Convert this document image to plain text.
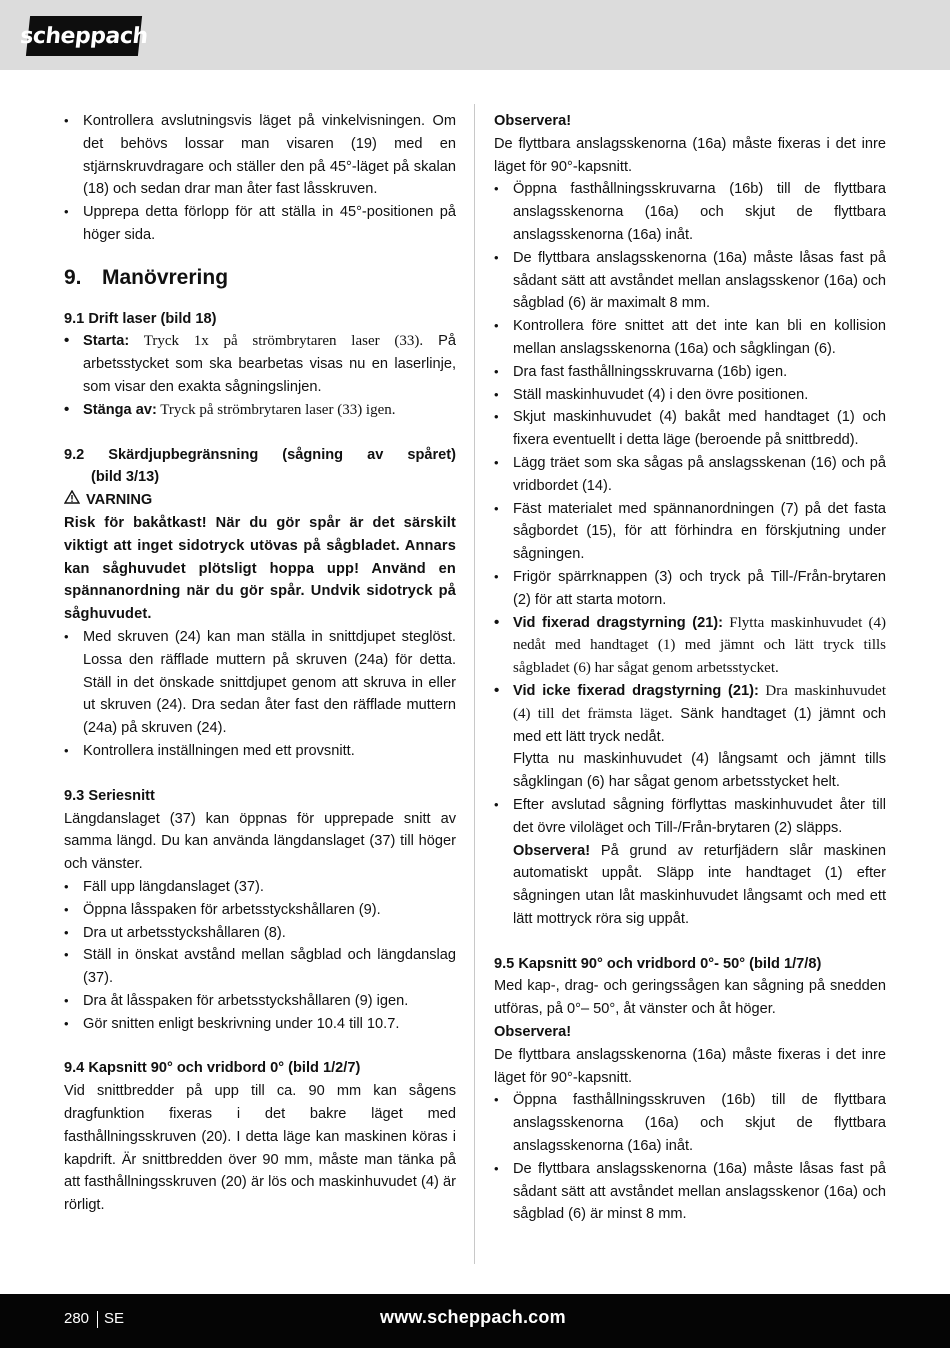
scheppach
• Kontrollera avslutningsvis läget på vinkelvisningen. Om det behövs lossar man visaren (19) med en stjärnskruvdragare och ställer den på 45°-läget på skalan (18) och sedan drar man åter fast låsskruven.
• Upprepa detta förlopp för att ställa in 45°-positionen på höger sida.
9. Manövrering
9.1 Drift laser (bild 18)
• Starta: Tryck 1x på strömbrytaren laser (33). På arbetsstycket som ska bearbetas visas nu en laserlinje, som visar den exakta sågningslinjen.
• Stänga av: Tryck på strömbrytaren laser (33) igen.
9.2 Skärdjupbegränsning (sågning av spåret)
(bild 3/13)
VARNING

Risk för bakåtkast! När du gör spår är det särskilt viktigt att inget sidotryck utövas på sågbladet. Annars kan såghuvudet plötsligt hoppa upp! Använd en spännanordning när du gör spår. Undvik sidotryck på såghuvudet.

• Med skruven (24) kan man ställa in snittdjupet steglöst. Lossa den räfflade muttern på skruven (24a) för detta. Ställ in det önskade snittdjupet genom att skruva in eller ut skruven (24). Dra sedan åter fast den räfflade muttern (24a) på skruven (24).
• Kontrollera inställningen med ett provsnitt.
9.3 Seriesnitt

Längdanslaget (37) kan öppnas för upprepade snitt av samma längd. Du kan använda längdanslaget (37) till höger och vänster.

• Fäll upp längdanslaget (37).
• Öppna låsspaken för arbetsstyckshållaren (9).
• Dra ut arbetsstyckshållaren (8).
• Ställ in önskat avstånd mellan sågblad och längdanslag (37).
• Dra åt låsspaken för arbetsstyckshållaren (9) igen.
• Gör snitten enligt beskrivning under 10.4 till 10.7.
9.4 Kapsnitt 90° och vridbord 0° (bild 1/2/7)

Vid snittbredder på upp till ca. 90 mm kan sågens dragfunktion fixeras i det bakre läget med fasthållningsskruven (20). I detta läge kan maskinen köras i kapdrift. Är snittbredden över 90 mm, måste man tänka på att fasthållningsskruven (20) är lös och maskinhuvudet (4) är rörligt.

Observera!

De flyttbara anslagsskenorna (16a) måste fixeras i det inre läget för 90°-kapsnitt.

• Öppna fasthållningsskruvarna (16b) till de flyttbara anslagsskenorna (16a) och skjut de flyttbara anslagsskenorna (16a) inåt.
• De flyttbara anslagsskenorna (16a) måste låsas fast på sådant sätt att avståndet mellan anslagsskenor (16a) och sågblad (6) är maximalt 8 mm.
• Kontrollera före snittet att det inte kan bli en kollision mellan anslagsskenorna (16a) och sågklingan (6).
• Dra fast fasthållningsskruvarna (16b) igen.
• Ställ maskinhuvudet (4) i den övre positionen.
• Skjut maskinhuvudet (4) bakåt med handtaget (1) och fixera eventuellt i detta läge (beroende på snittbredd).
• Lägg träet som ska sågas på anslagsskenan (16) och på vridbordet (14).
• Fäst materialet med spännanordningen (7) på det fasta sågbordet (15), för att förhindra en förskjutning under sågningen.
• Frigör spärrknappen (3) och tryck på Till-/Från-brytaren (2) för att starta motorn.
• Vid fixerad dragstyrning (21): Flytta maskinhuvudet (4) nedåt med handtaget (1) med jämnt och lätt tryck tills sågbladet (6) har sågat genom arbetsstycket.
• Vid icke fixerad dragstyrning (21): Dra maskinhuvudet (4) till det främsta läget. Sänk handtaget (1) jämnt och med ett lätt tryck nedåt.

Flytta nu maskinhuvudet (4) långsamt och jämnt tills sågklingan (6) har sågat genom arbetsstycket helt.

• Efter avslutad sågning förflyttas maskinhuvudet åter till det övre viloläget och Till-/Från-brytaren (2) släpps.

Observera! På grund av returfjädern slår maskinen automatiskt uppåt. Släpp inte handtaget (1) efter sågningen utan låt maskinhuvudet långsamt och med ett lätt mottryck röra sig uppåt.

9.5 Kapsnitt 90° och vridbord 0°- 50° (bild 1/7/8)

Med kap-, drag- och geringssågen kan sågning på snedden utföras, på 0°– 50°, åt vänster och åt höger.

Observera!

De flyttbara anslagsskenorna (16a) måste fixeras i det inre läget för 90°-kapsnitt.

• Öppna fasthållningsskruven (16b) till de flyttbara anslagsskenorna (16a) och skjut de flyttbara anslagsskenorna (16a) inåt.
• De flyttbara anslagsskenorna (16a) måste låsas fast på sådant sätt att avståndet mellan anslagsskenor (16a) och sågblad (6) är minst 8 mm.
280 SE	www.scheppach.com
